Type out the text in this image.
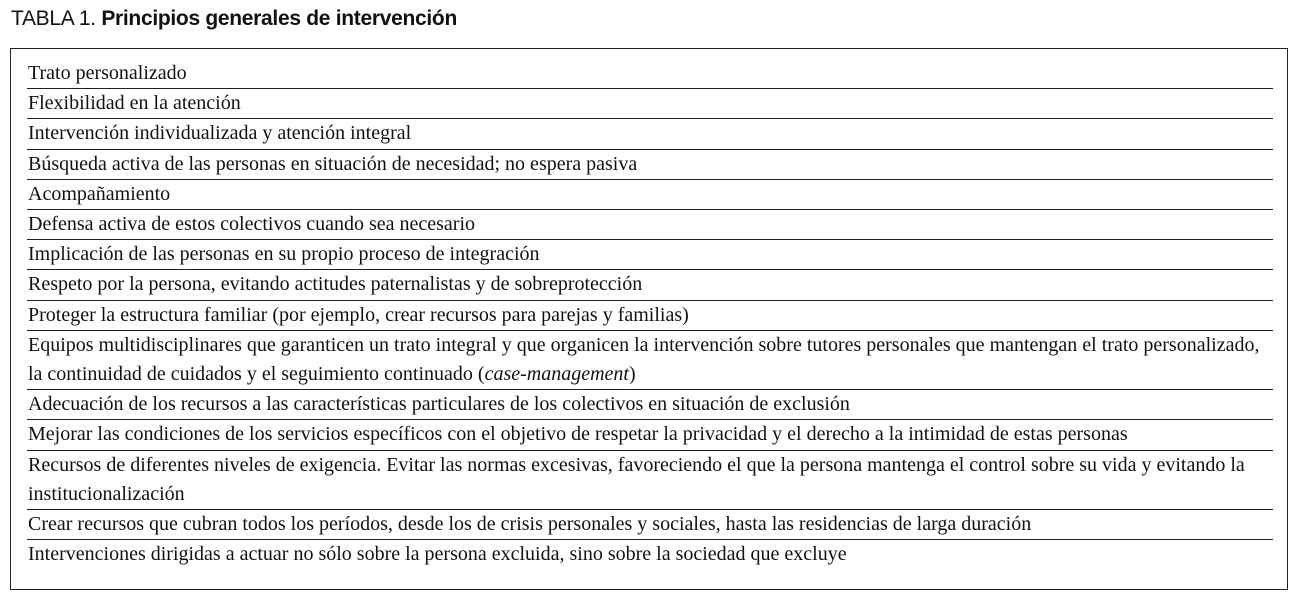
TABLA 1. Principios generales de intervención
Trato personalizado
Flexibilidad en la atención
Intervención individualizada y atención integral
Búsqueda activa de las personas en situación de necesidad; no espera pasiva
Acompañamiento
Defensa activa de estos colectivos cuando sea necesario
Implicación de las personas en su propio proceso de integración
Respeto por la persona, evitando actitudes paternalistas y de sobreprotección
Proteger la estructura familiar (por ejemplo, crear recursos para parejas y familias)
Equipos multidisciplinares que garanticen un trato integral y que organicen la intervención sobre tutores personales que mantengan el trato personalizado, la continuidad de cuidados y el seguimiento continuado (case-management)
Adecuación de los recursos a las características particulares de los colectivos en situación de exclusión
Mejorar las condiciones de los servicios específicos con el objetivo de respetar la privacidad y el derecho a la intimidad de estas personas
Recursos de diferentes niveles de exigencia. Evitar las normas excesivas, favoreciendo el que la persona mantenga el control sobre su vida y evitando la institucionalización
Crear recursos que cubran todos los períodos, desde los de crisis personales y sociales, hasta las residencias de larga duración
Intervenciones dirigidas a actuar no sólo sobre la persona excluida, sino sobre la sociedad que excluye
